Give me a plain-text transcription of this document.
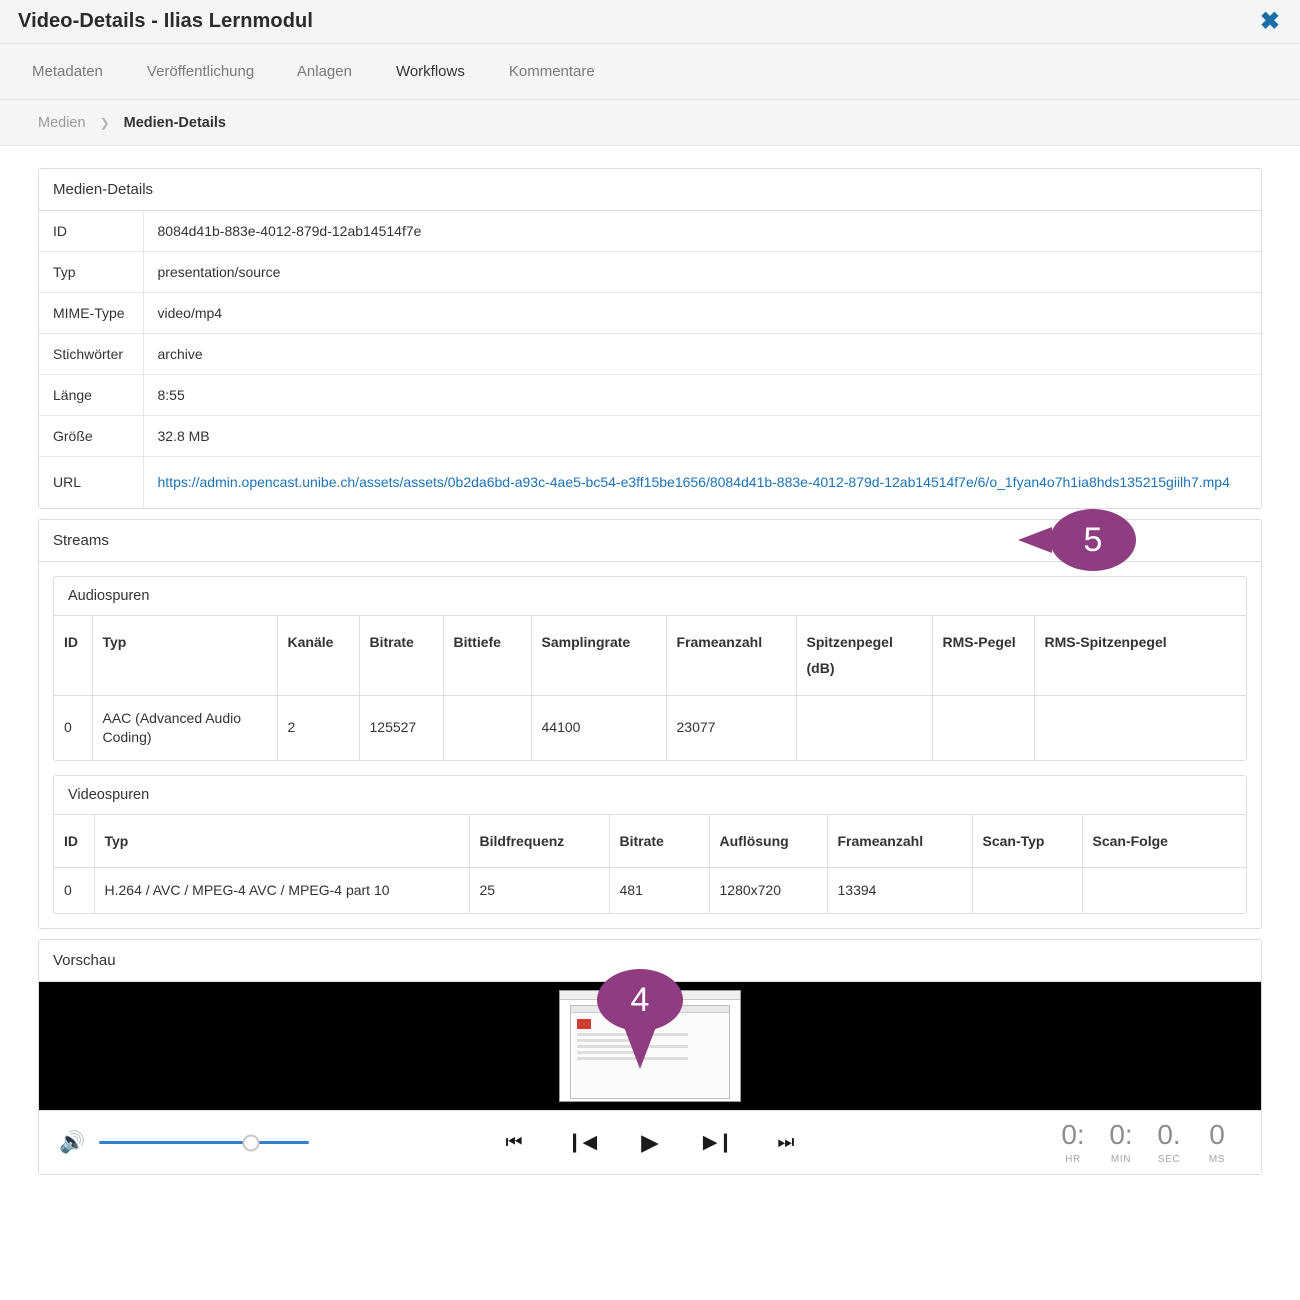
Video-Details - Ilias Lernmodul	✖
Metadaten	Veröffentlichung	Anlagen	Workflows	Kommentare
Medien ❯ Medien-Details
Medien-Details
ID	8084d41b-883e-4012-879d-12ab14514f7e
Typ	presentation/source
MIME-Type	video/mp4
Stichwörter	archive
Länge	8:55
Größe	32.8 MB
URL	https://admin.opencast.unibe.ch/assets/assets/0b2da6bd-a93c-4ae5-bc54-e3ff15be1656/8084d41b-883e-4012-879d-12ab14514f7e/6/o_1fyan4o7h1ia8hds135215giilh7.mp4
Streams
Audiospuren
ID	Typ	Kanäle	Bitrate	Bittiefe	Samplingrate	Frameanzahl	Spitzenpegel (dB)	RMS-Pegel	RMS-Spitzenpegel
0	AAC (Advanced Audio Coding)	2	125527		44100	23077			
Videospuren
ID	Typ	Bildfrequenz	Bitrate	Auflösung	Frameanzahl	Scan-Typ	Scan-Folge
0	H.264 / AVC / MPEG-4 AVC / MPEG-4 part 10	25	481	1280x720	13394		
Vorschau
🔊	⏮ ❙◀ ▶ ▶❙ ⏭	0:
HR
0:
MIN
0.
SEC
0
MS
5
4
